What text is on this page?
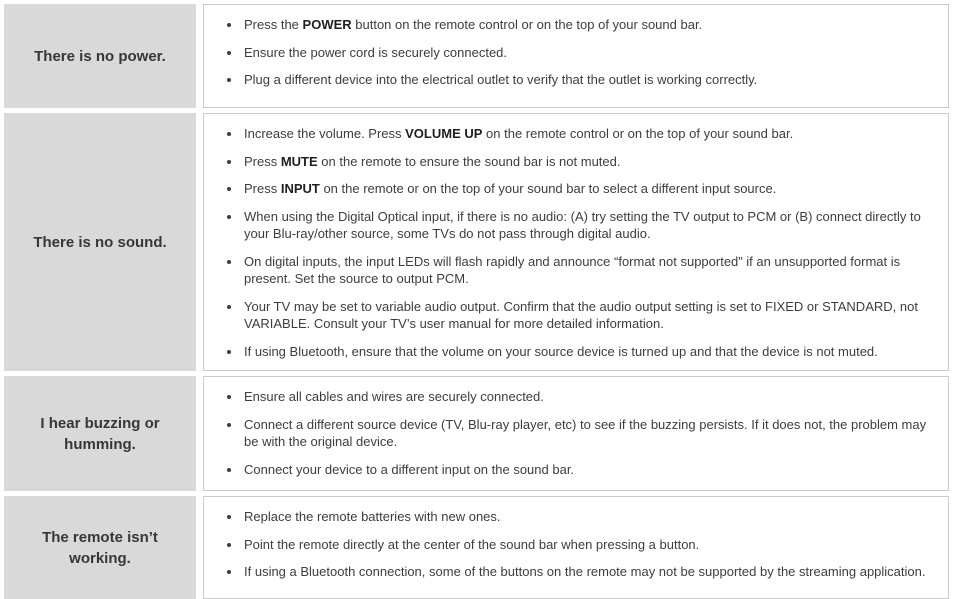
There is no power.
Press the POWER button on the remote control or on the top of your sound bar.
Ensure the power cord is securely connected.
Plug a different device into the electrical outlet to verify that the outlet is working correctly.
There is no sound.
Increase the volume. Press VOLUME UP on the remote control or on the top of your sound bar.
Press MUTE on the remote to ensure the sound bar is not muted.
Press INPUT on the remote or on the top of your sound bar to select a different input source.
When using the Digital Optical input, if there is no audio: (A) try setting the TV output to PCM or (B) connect directly to your Blu-ray/other source, some TVs do not pass through digital audio.
On digital inputs, the input LEDs will flash rapidly and announce “format not supported” if an unsupported format is present. Set the source to output PCM.
Your TV may be set to variable audio output. Confirm that the audio output setting is set to FIXED or STANDARD, not VARIABLE. Consult your TV’s user manual for more detailed information.
If using Bluetooth, ensure that the volume on your source device is turned up and that the device is not muted.
I hear buzzing or humming.
Ensure all cables and wires are securely connected.
Connect a different source device (TV, Blu-ray player, etc) to see if the buzzing persists. If it does not, the problem may be with the original device.
Connect your device to a different input on the sound bar.
The remote isn’t working.
Replace the remote batteries with new ones.
Point the remote directly at the center of the sound bar when pressing a button.
If using a Bluetooth connection, some of the buttons on the remote may not be supported by the streaming application.
